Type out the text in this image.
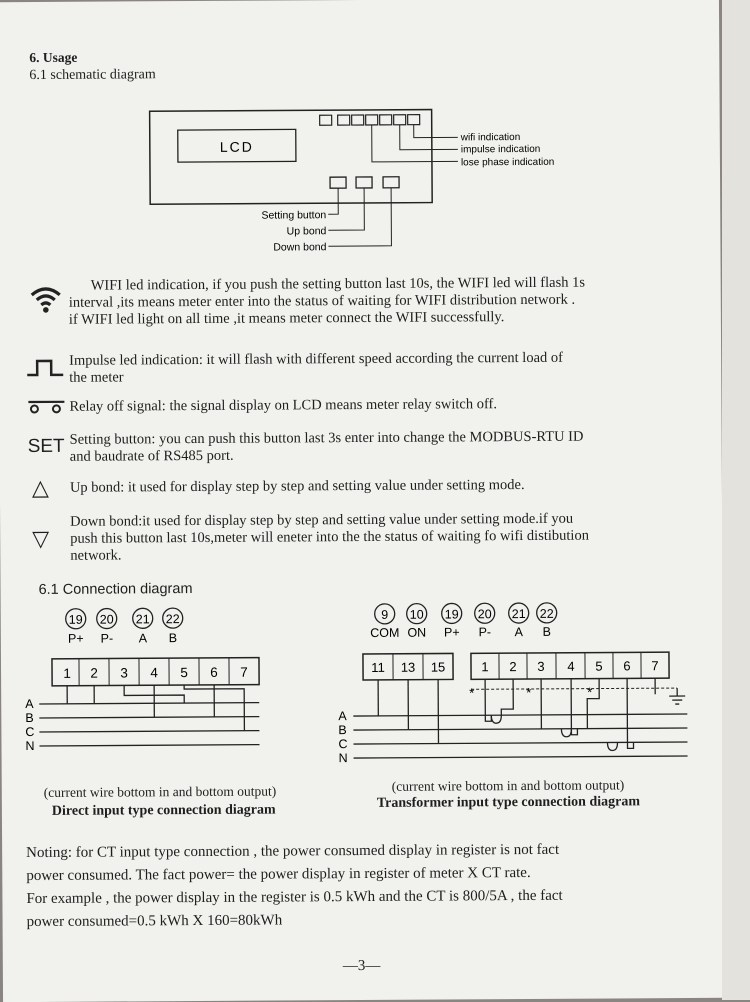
6. Usage
6.1 schematic diagram
LCD
wifi indication
impulse indication
lose phase indication
Setting button
Up bond
Down bond
WIFI led indication, if you push the setting button last 10s, the WIFI led will flash 1s
interval ,its means meter enter into the status of waiting for WIFI distribution network .
if WIFI led light on all time ,it means meter connect the WIFI successfully.
Impulse led indication: it will flash with different speed according the current load of
the meter
Relay off signal: the signal display on LCD means meter relay switch off.
SET Setting button: you can push this button last 3s enter into change the MODBUS-RTU ID
and baudrate of RS485 port.
△ Up bond: it used for display step by step and setting value under setting mode.
▽
Down bond:it used for display step by step and setting value under setting mode.if you
push this button last 10s,meter will eneter into the the status of waiting fo wifi distibution
network.
6.1 Connection diagram
19 20 21 22
P+ P- A B
1 2 3 4 5 6 7
A
B
C
N
9 10 19 20 21 22
COM ON P+ P- A B
11 13 15	1 2 3 4 5 6 7
*	*	*
A
B
C
N
(current wire bottom in and bottom output)
Direct input type connection diagram
(current wire bottom in and bottom output)
Transformer input type connection diagram
Noting: for CT input type connection , the power consumed display in register is not fact
power consumed. The fact power= the power display in register of meter X CT rate.
For example , the power display in the register is 0.5 kWh and the CT is 800/5A , the fact
power consumed=0.5 kWh X 160=80kWh
—3—
